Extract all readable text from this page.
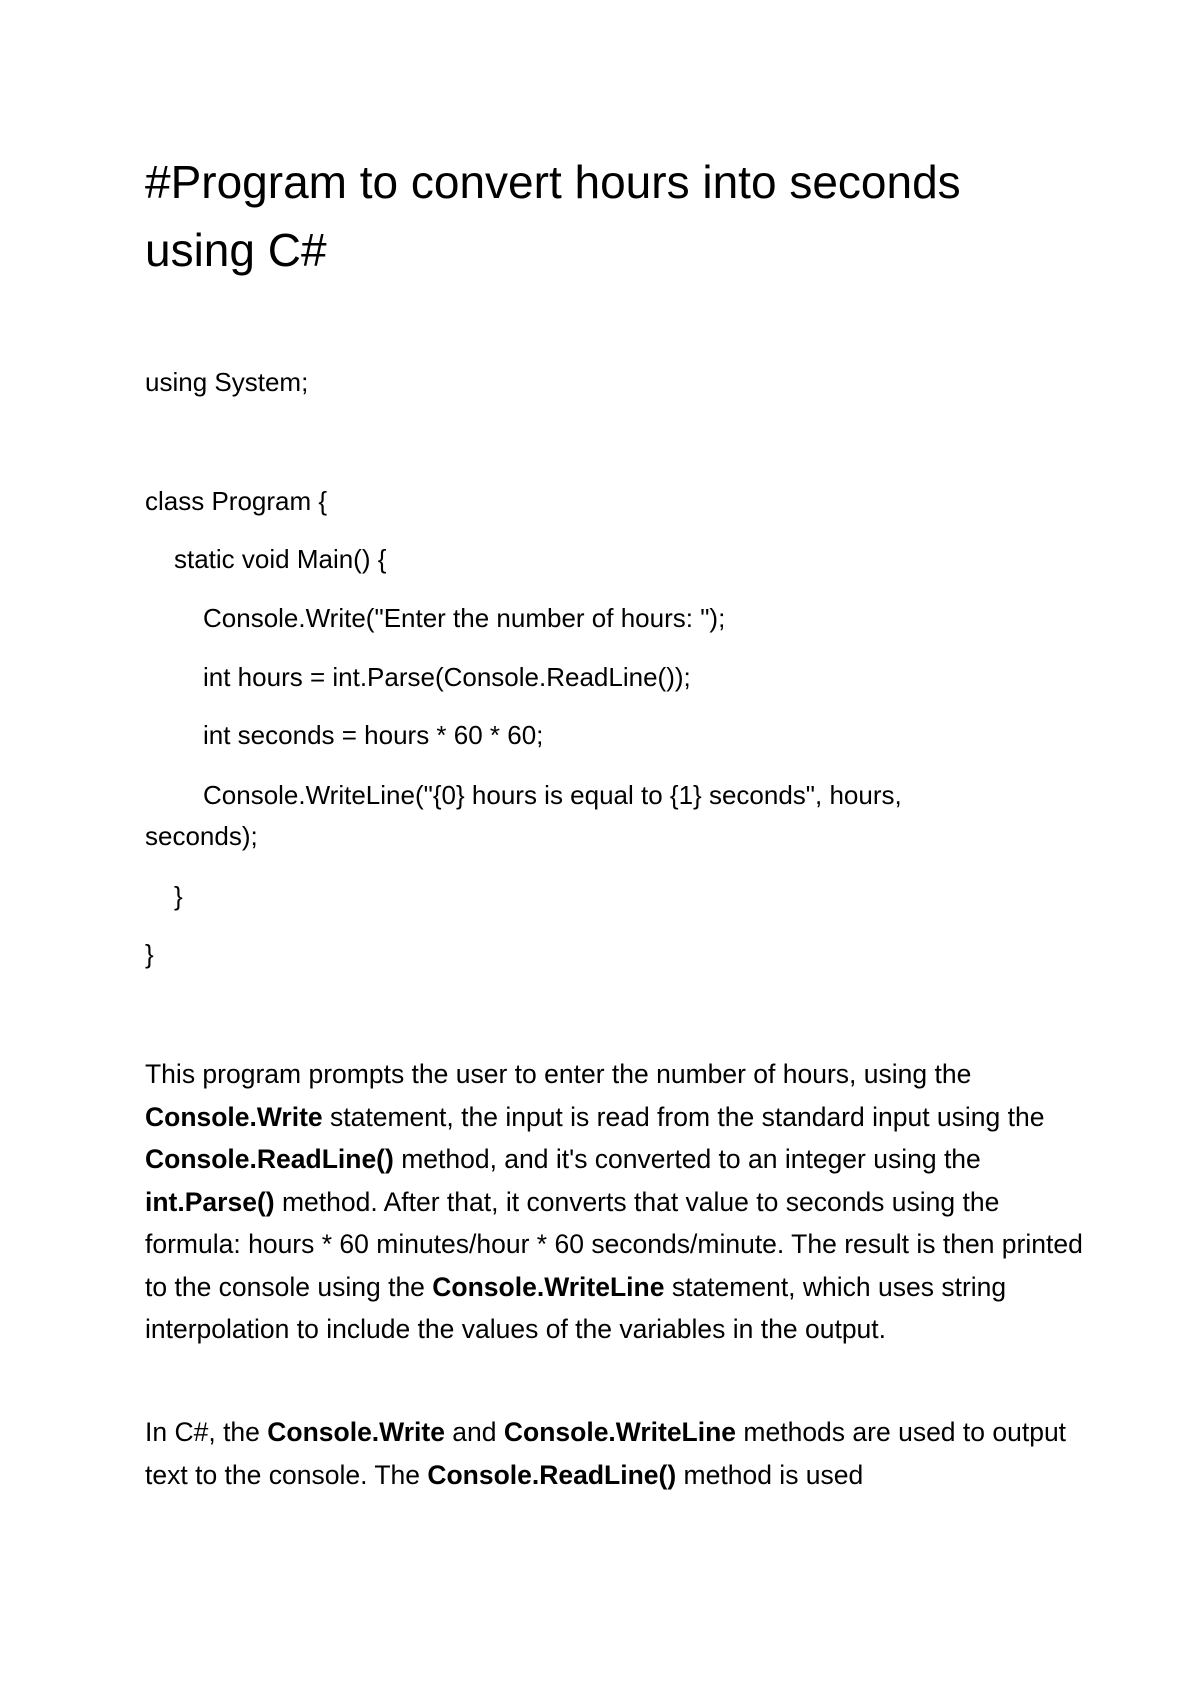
#Program to convert hours into seconds using C#

using System;

class Program {

static void Main() {

Console.Write("Enter the number of hours: ");

int hours = int.Parse(Console.ReadLine());

int seconds = hours * 60 * 60;

Console.WriteLine("{0} hours is equal to {1} seconds", hours,

seconds);

}

}

This program prompts the user to enter the number of hours, using the Console.Write statement, the input is read from the standard input using the Console.ReadLine() method, and it's converted to an integer using the int.Parse() method. After that, it converts that value to seconds using the formula: hours * 60 minutes/hour * 60 seconds/minute. The result is then printed to the console using the Console.WriteLine statement, which uses string interpolation to include the values of the variables in the output.

In C#, the Console.Write and Console.WriteLine methods are used to output text to the console. The Console.ReadLine() method is used
